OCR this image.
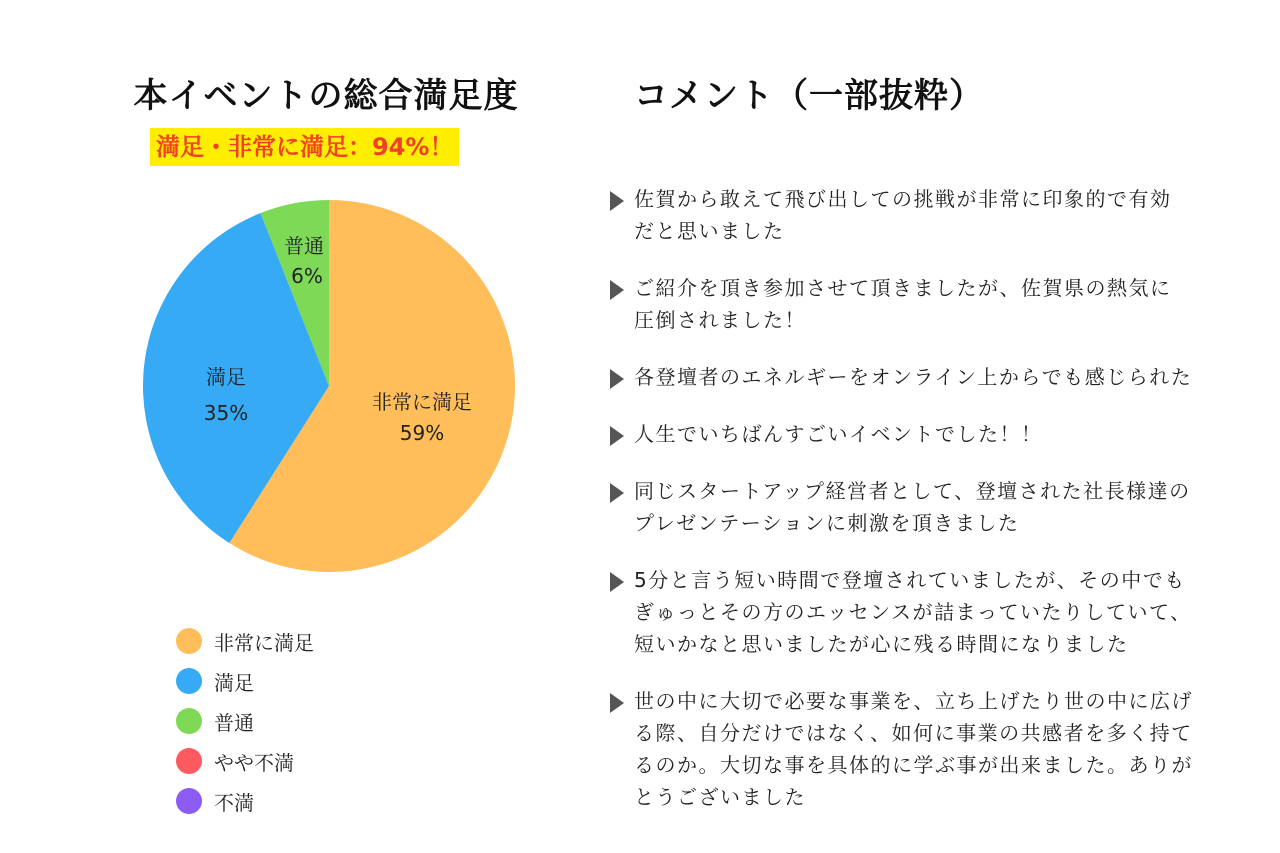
本イベントの総合満足度
満足・非常に満足：94%！
非常に満足
59%
満足
35%
普通
6%
非常に満足
満足
普通
やや不満
不満
コメント（一部抜粋）
佐賀から敢えて飛び出しての挑戦が非常に印象的で有効
だと思いました
ご紹介を頂き参加させて頂きましたが、佐賀県の熱気に
圧倒されました！
各登壇者のエネルギーをオンライン上からでも感じられた
人生でいちばんすごいイベントでした！！
同じスタートアップ経営者として、登壇された社長様達の
プレゼンテーションに刺激を頂きました
5分と言う短い時間で登壇されていましたが、その中でも
ぎゅっとその方のエッセンスが詰まっていたりしていて、
短いかなと思いましたが心に残る時間になりました
世の中に大切で必要な事業を、立ち上げたり世の中に広げ
る際、自分だけではなく、如何に事業の共感者を多く持て
るのか。大切な事を具体的に学ぶ事が出来ました。ありが
とうございました
